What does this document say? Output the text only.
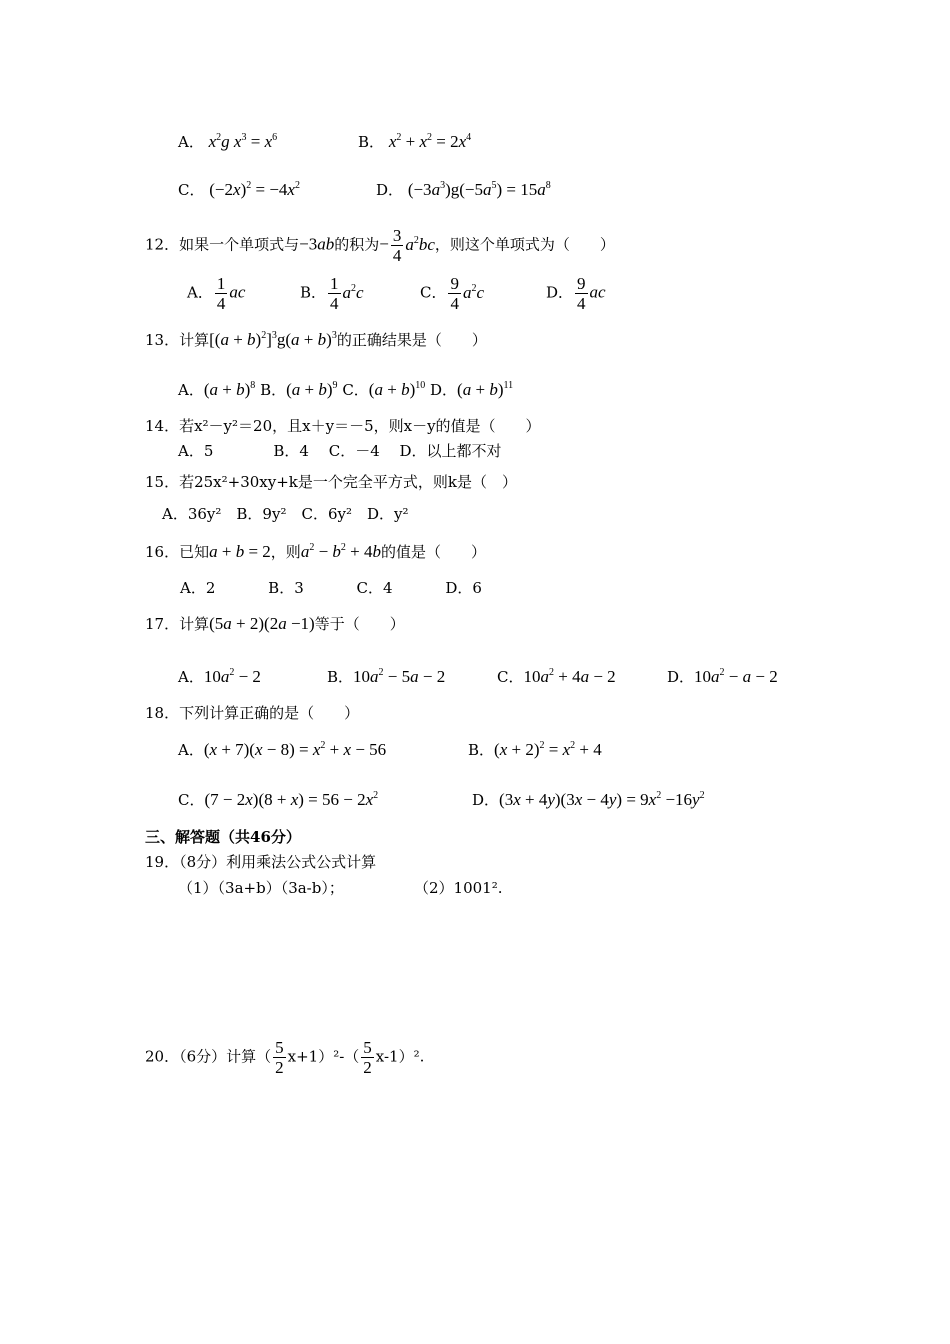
A． $x^2g$ $x^3 = x^6$	B． $x^2 + x^2 = 2x^4$
C． $(-2x)^2 = -4x^2$	D． $(-3a^3)g(-5a^5) = 15a^8$
12．如果一个单项式与−3ab的积为− $\frac{3}{4} a^2bc$，则这个单项式为（　　）
A． $\frac{1}{4}$ ac	B． $\frac{1}{4} a^2c$	C． $\frac{9}{4} a^2c$	D． $\frac{9}{4}$ ac
13．计算$[(a + b)^2]^3g(a + b)^3$的正确结果是（　　）
A．$(a + b)^8$ B．$(a + b)^9$ C．$(a + b)^{10}$ D．$(a + b)^{11}$
14．若x²－y²＝20，且x＋y＝－5，则x－y的值是（　　）
A．5　　　　B．4　 C．－4　 D．以上都不对
15．若25x²+30xy+k是一个完全平方式，则k是（　）
A．36y²　B．9y²　C．6y²　D．y²
16．已知a + b = 2，则$a^2 - b^2 + 4b$的值是（　　）
A．2	B．3	C．4	D．6
17．计算(5a + 2)(2a −1)等于（　　）
A．$10a^2 - 2$	B．$10a^2 - 5a - 2$	C．$10a^2 + 4a - 2$	D．$10a^2 - a - 2$
18．下列计算正确的是（　　）
A．$(x + 7)(x - 8) = x^2 + x - 56$	B．$(x + 2)^2 = x^2 + 4$
C．$(7 - 2x)(8 + x) = 56 - 2x^2$	D．$(3x + 4y)(3x - 4y) = 9x^2 -16y^2$
三、解答题（共46分）
19．（8分）利用乘法公式公式计算
（1）（3a+b）（3a-b）；	（2）1001².
20．（6分）计算（ $\frac{5}{2} x+1)^2-( \frac{5}{2} x-1)^2$.
